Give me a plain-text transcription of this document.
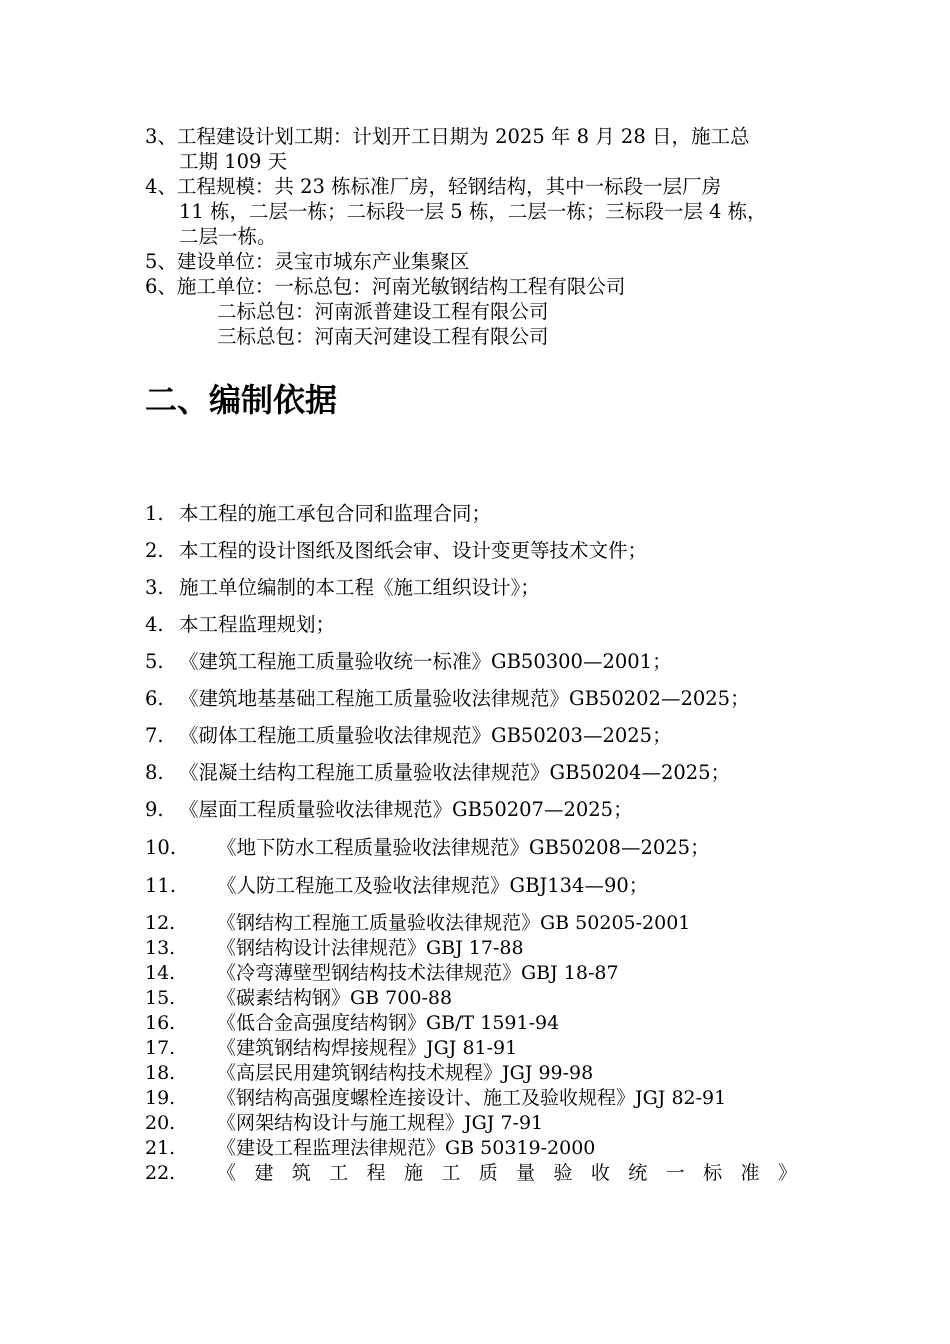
3、工程建设计划工期：计划开工日期为 2025 年 8 月 28 日，施工总
工期 109 天
4、工程规模：共 23 栋标准厂房，轻钢结构，其中一标段一层厂房
11 栋，二层一栋；二标段一层 5 栋，二层一栋；三标段一层 4 栋，
二层一栋。
5、建设单位：灵宝市城东产业集聚区
6、施工单位：一标总包：河南光敏钢结构工程有限公司
二标总包：河南派普建设工程有限公司
三标总包：河南天河建设工程有限公司
二、编制依据
1. 本工程的施工承包合同和监理合同；
2. 本工程的设计图纸及图纸会审、设计变更等技术文件；
3. 施工单位编制的本工程《施工组织设计》；
4. 本工程监理规划；
5. 《建筑工程施工质量验收统一标准》GB50300—2001；
6. 《建筑地基基础工程施工质量验收法律规范》GB50202—2025；
7. 《砌体工程施工质量验收法律规范》GB50203—2025；
8. 《混凝土结构工程施工质量验收法律规范》GB50204—2025；
9. 《屋面工程质量验收法律规范》GB50207—2025；
10. 《地下防水工程质量验收法律规范》GB50208—2025；
11. 《人防工程施工及验收法律规范》GBJ134—90；
12. 《钢结构工程施工质量验收法律规范》GB 50205-2001
13. 《钢结构设计法律规范》GBJ 17-88
14. 《冷弯薄壁型钢结构技术法律规范》GBJ 18-87
15. 《碳素结构钢》GB 700-88
16. 《低合金高强度结构钢》GB/T 1591-94
17. 《建筑钢结构焊接规程》JGJ 81-91
18. 《高层民用建筑钢结构技术规程》JGJ 99-98
19. 《钢结构高强度螺栓连接设计、施工及验收规程》JGJ 82-91
20. 《网架结构设计与施工规程》JGJ 7-91
21. 《建设工程监理法律规范》GB 50319-2000
22.	《 建 筑 工 程 施 工 质 量 验 收 统 一 标 准 》
